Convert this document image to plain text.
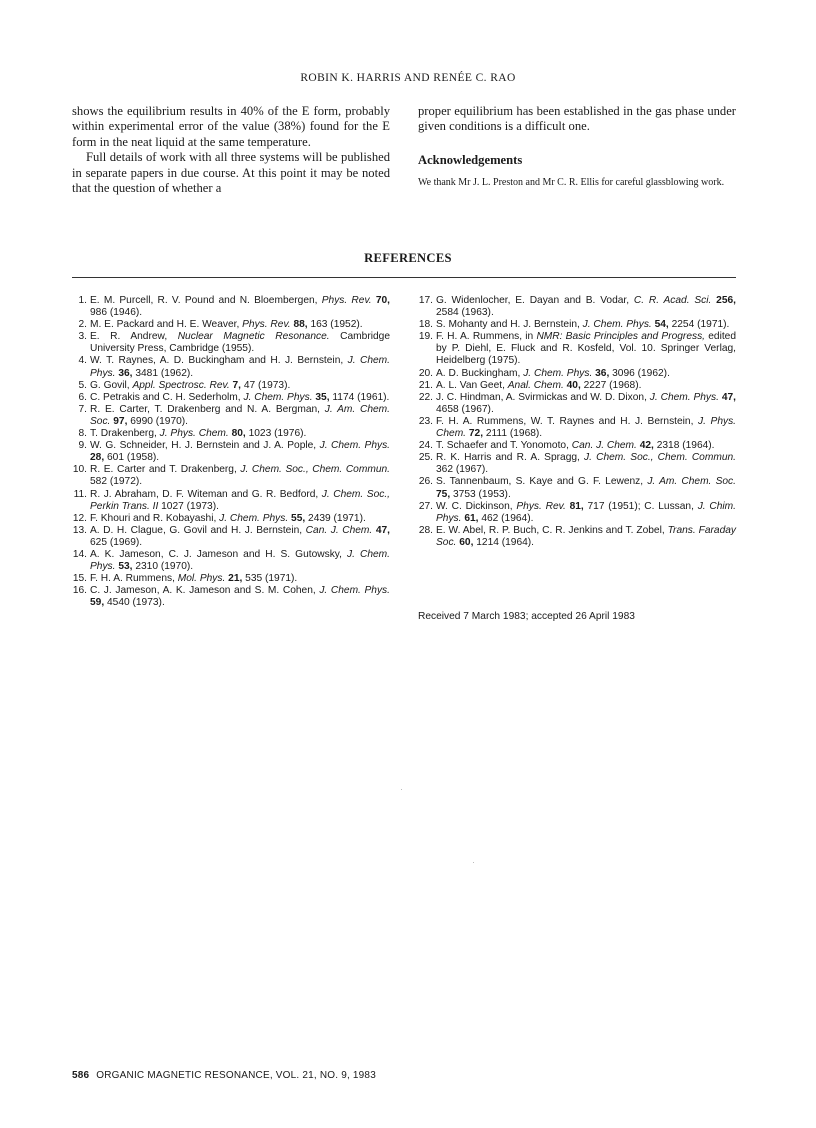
ROBIN K. HARRIS AND RENÉE C. RAO

shows the equilibrium results in 40% of the E form, probably within experimental error of the value (38%) found for the E form in the neat liquid at the same temperature.

Full details of work with all three systems will be published in separate papers in due course. At this point it may be noted that the question of whether a

proper equilibrium has been established in the gas phase under given conditions is a difficult one.

Acknowledgements
We thank Mr J. L. Preston and Mr C. R. Ellis for careful glassblowing work.
REFERENCES

1. E. M. Purcell, R. V. Pound and N. Bloembergen, Phys. Rev. 70, 986 (1946).

2. M. E. Packard and H. E. Weaver, Phys. Rev. 88, 163 (1952).

3. E. R. Andrew, Nuclear Magnetic Resonance. Cambridge University Press, Cambridge (1955).

4. W. T. Raynes, A. D. Buckingham and H. J. Bernstein, J. Chem. Phys. 36, 3481 (1962).

5. G. Govil, Appl. Spectrosc. Rev. 7, 47 (1973).

6. C. Petrakis and C. H. Sederholm, J. Chem. Phys. 35, 1174 (1961).

7. R. E. Carter, T. Drakenberg and N. A. Bergman, J. Am. Chem. Soc. 97, 6990 (1970).

8. T. Drakenberg, J. Phys. Chem. 80, 1023 (1976).

9. W. G. Schneider, H. J. Bernstein and J. A. Pople, J. Chem. Phys. 28, 601 (1958).

10. R. E. Carter and T. Drakenberg, J. Chem. Soc., Chem. Commun. 582 (1972).

11. R. J. Abraham, D. F. Witeman and G. R. Bedford, J. Chem. Soc., Perkin Trans. II 1027 (1973).

12. F. Khouri and R. Kobayashi, J. Chem. Phys. 55, 2439 (1971).

13. A. D. H. Clague, G. Govil and H. J. Bernstein, Can. J. Chem. 47, 625 (1969).

14. A. K. Jameson, C. J. Jameson and H. S. Gutowsky, J. Chem. Phys. 53, 2310 (1970).

15. F. H. A. Rummens, Mol. Phys. 21, 535 (1971).

16. C. J. Jameson, A. K. Jameson and S. M. Cohen, J. Chem. Phys. 59, 4540 (1973).

17. G. Widenlocher, E. Dayan and B. Vodar, C. R. Acad. Sci. 256, 2584 (1963).

18. S. Mohanty and H. J. Bernstein, J. Chem. Phys. 54, 2254 (1971).

19. F. H. A. Rummens, in NMR: Basic Principles and Progress, edited by P. Diehl, E. Fluck and R. Kosfeld, Vol. 10. Springer Verlag, Heidelberg (1975).

20. A. D. Buckingham, J. Chem. Phys. 36, 3096 (1962).

21. A. L. Van Geet, Anal. Chem. 40, 2227 (1968).

22. J. C. Hindman, A. Svirmickas and W. D. Dixon, J. Chem. Phys. 47, 4658 (1967).

23. F. H. A. Rummens, W. T. Raynes and H. J. Bernstein, J. Phys. Chem. 72, 2111 (1968).

24. T. Schaefer and T. Yonomoto, Can. J. Chem. 42, 2318 (1964).

25. R. K. Harris and R. A. Spragg, J. Chem. Soc., Chem. Commun. 362 (1967).

26. S. Tannenbaum, S. Kaye and G. F. Lewenz, J. Am. Chem. Soc. 75, 3753 (1953).

27. W. C. Dickinson, Phys. Rev. 81, 717 (1951); C. Lussan, J. Chim. Phys. 61, 462 (1964).

28. E. W. Abel, R. P. Buch, C. R. Jenkins and T. Zobel, Trans. Faraday Soc. 60, 1214 (1964).

Received 7 March 1983; accepted 26 April 1983
586 ORGANIC MAGNETIC RESONANCE, VOL. 21, NO. 9, 1983
